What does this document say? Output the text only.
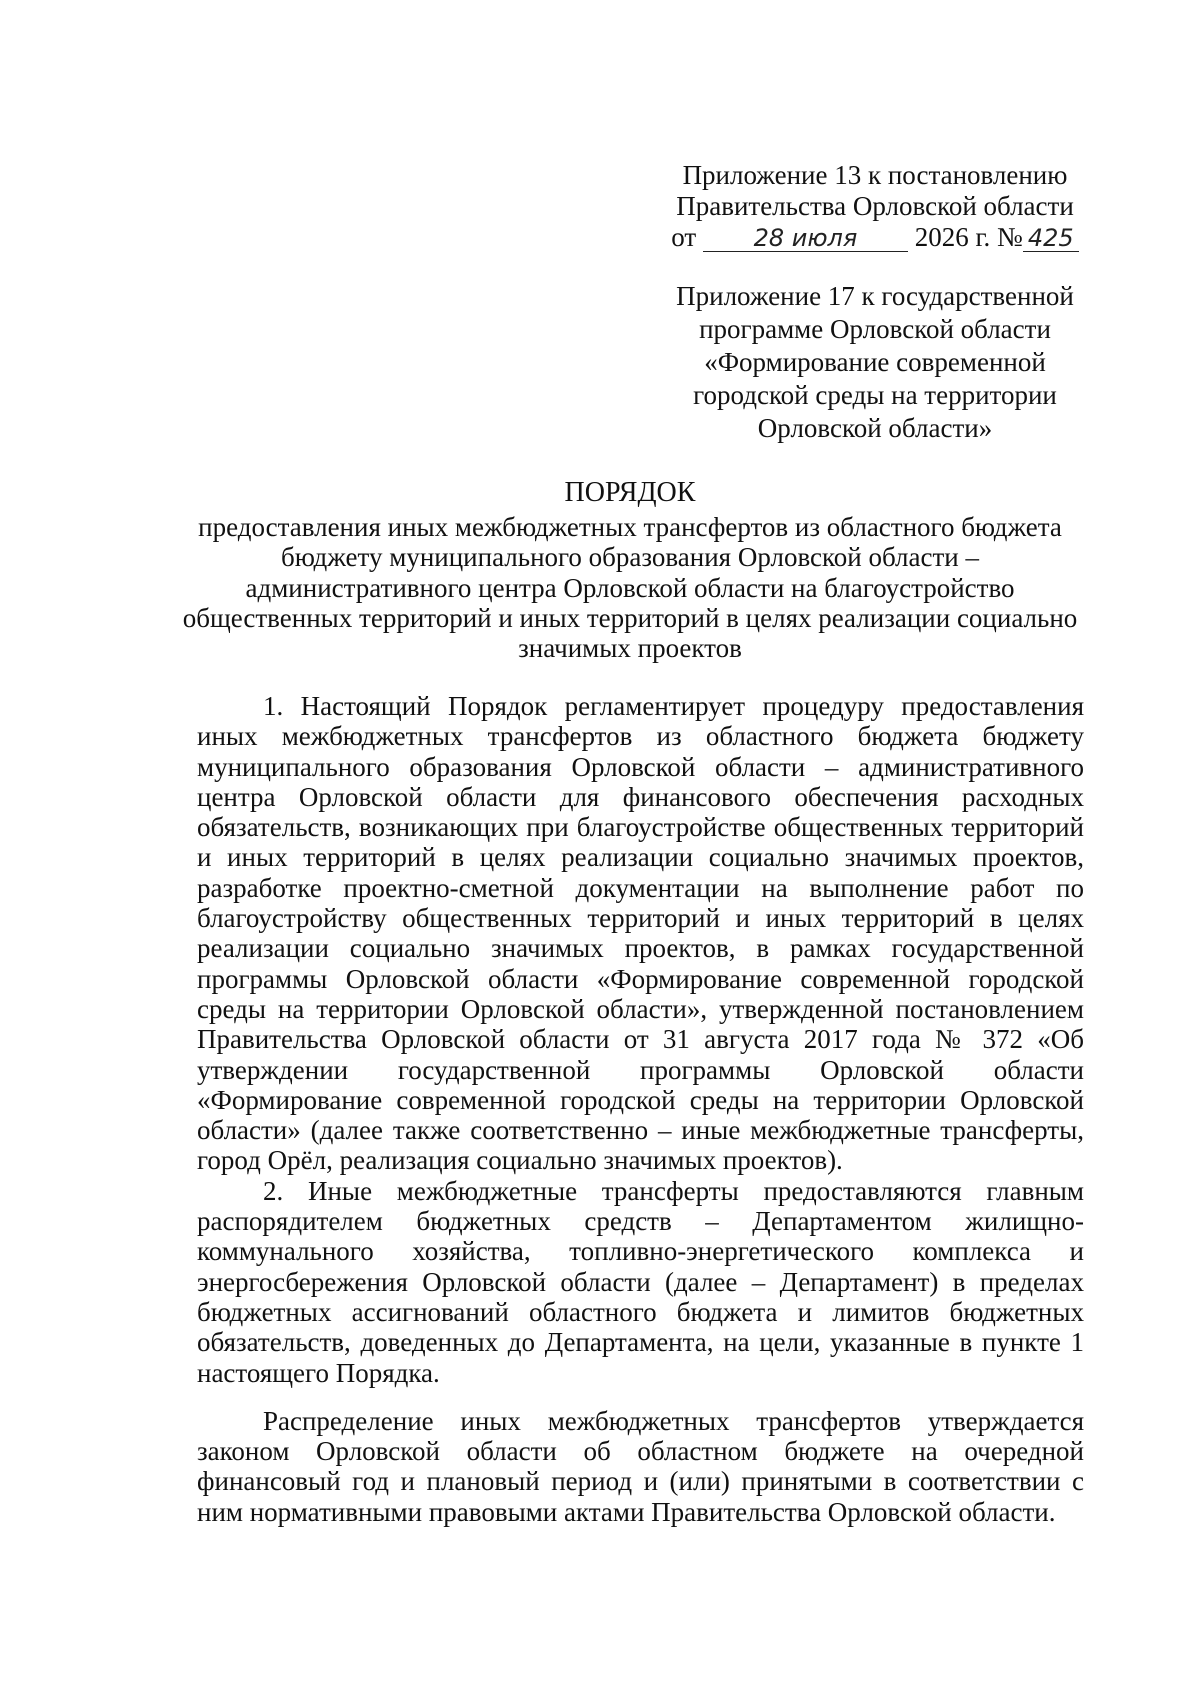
Приложение 13 к постановлению
Правительства Орловской области
от 28 июля 2026 г. № 425
Приложение 17 к государственной
программе Орловской области
«Формирование современной
городской среды на территории
Орловской области»
ПОРЯДОК
предоставления иных межбюджетных трансфертов из областного бюджета бюджету муниципального образования Орловской области – административного центра Орловской области на благоустройство общественных территорий и иных территорий в целях реализации социально значимых проектов

1. Настоящий Порядок регламентирует процедуру предоставления иных межбюджетных трансфертов из областного бюджета бюджету муниципального образования Орловской области – административного центра Орловской области для финансового обеспечения расходных обязательств, возникающих при благоустройстве общественных территорий и иных территорий в целях реализации социально значимых проектов, разработке проектно-сметной документации на выполнение работ по благоустройству общественных территорий и иных территорий в целях реализации социально значимых проектов, в рамках государственной программы Орловской области «Формирование современной городской среды на территории Орловской области», утвержденной постановлением Правительства Орловской области от 31 августа 2017 года № 372 «Об утверждении государственной программы Орловской области «Формирование современной городской среды на территории Орловской области» (далее также соответственно – иные межбюджетные трансферты, город Орёл, реализация социально значимых проектов).

2. Иные межбюджетные трансферты предоставляются главным распорядителем бюджетных средств – Департаментом жилищно-коммунального хозяйства, топливно-энергетического комплекса и энергосбережения Орловской области (далее – Департамент) в пределах бюджетных ассигнований областного бюджета и лимитов бюджетных обязательств, доведенных до Департамента, на цели, указанные в пункте 1 настоящего Порядка.

Распределение иных межбюджетных трансфертов утверждается законом Орловской области об областном бюджете на очередной финансовый год и плановый период и (или) принятыми в соответствии с ним нормативными правовыми актами Правительства Орловской области.
